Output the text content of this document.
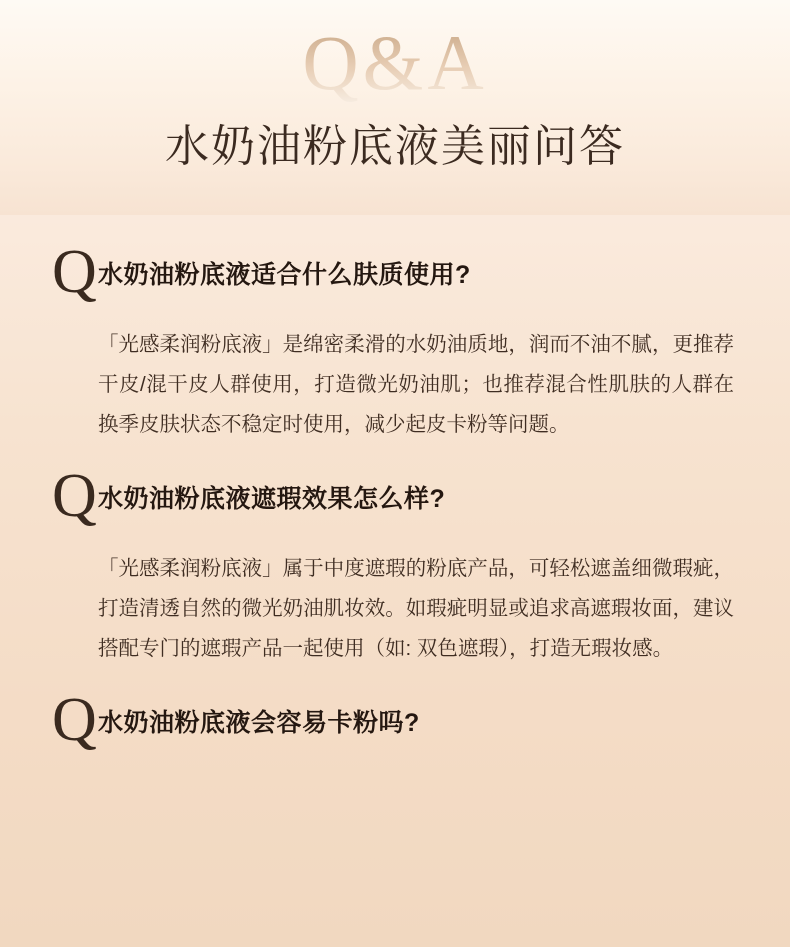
Q&A
水奶油粉底液美丽问答
Q 水奶油粉底液适合什么肤质使用?
「光感柔润粉底液」是绵密柔滑的水奶油质地，润而不油不腻，更推荐干皮/混干皮人群使用，打造微光奶油肌；也推荐混合性肌肤的人群在换季皮肤状态不稳定时使用，减少起皮卡粉等问题。
Q 水奶油粉底液遮瑕效果怎么样?
「光感柔润粉底液」属于中度遮瑕的粉底产品，可轻松遮盖细微瑕疵，打造清透自然的微光奶油肌妆效。如瑕疵明显或追求高遮瑕妆面，建议搭配专门的遮瑕产品一起使用（如: 双色遮瑕），打造无瑕妆感。
Q 水奶油粉底液会容易卡粉吗?
